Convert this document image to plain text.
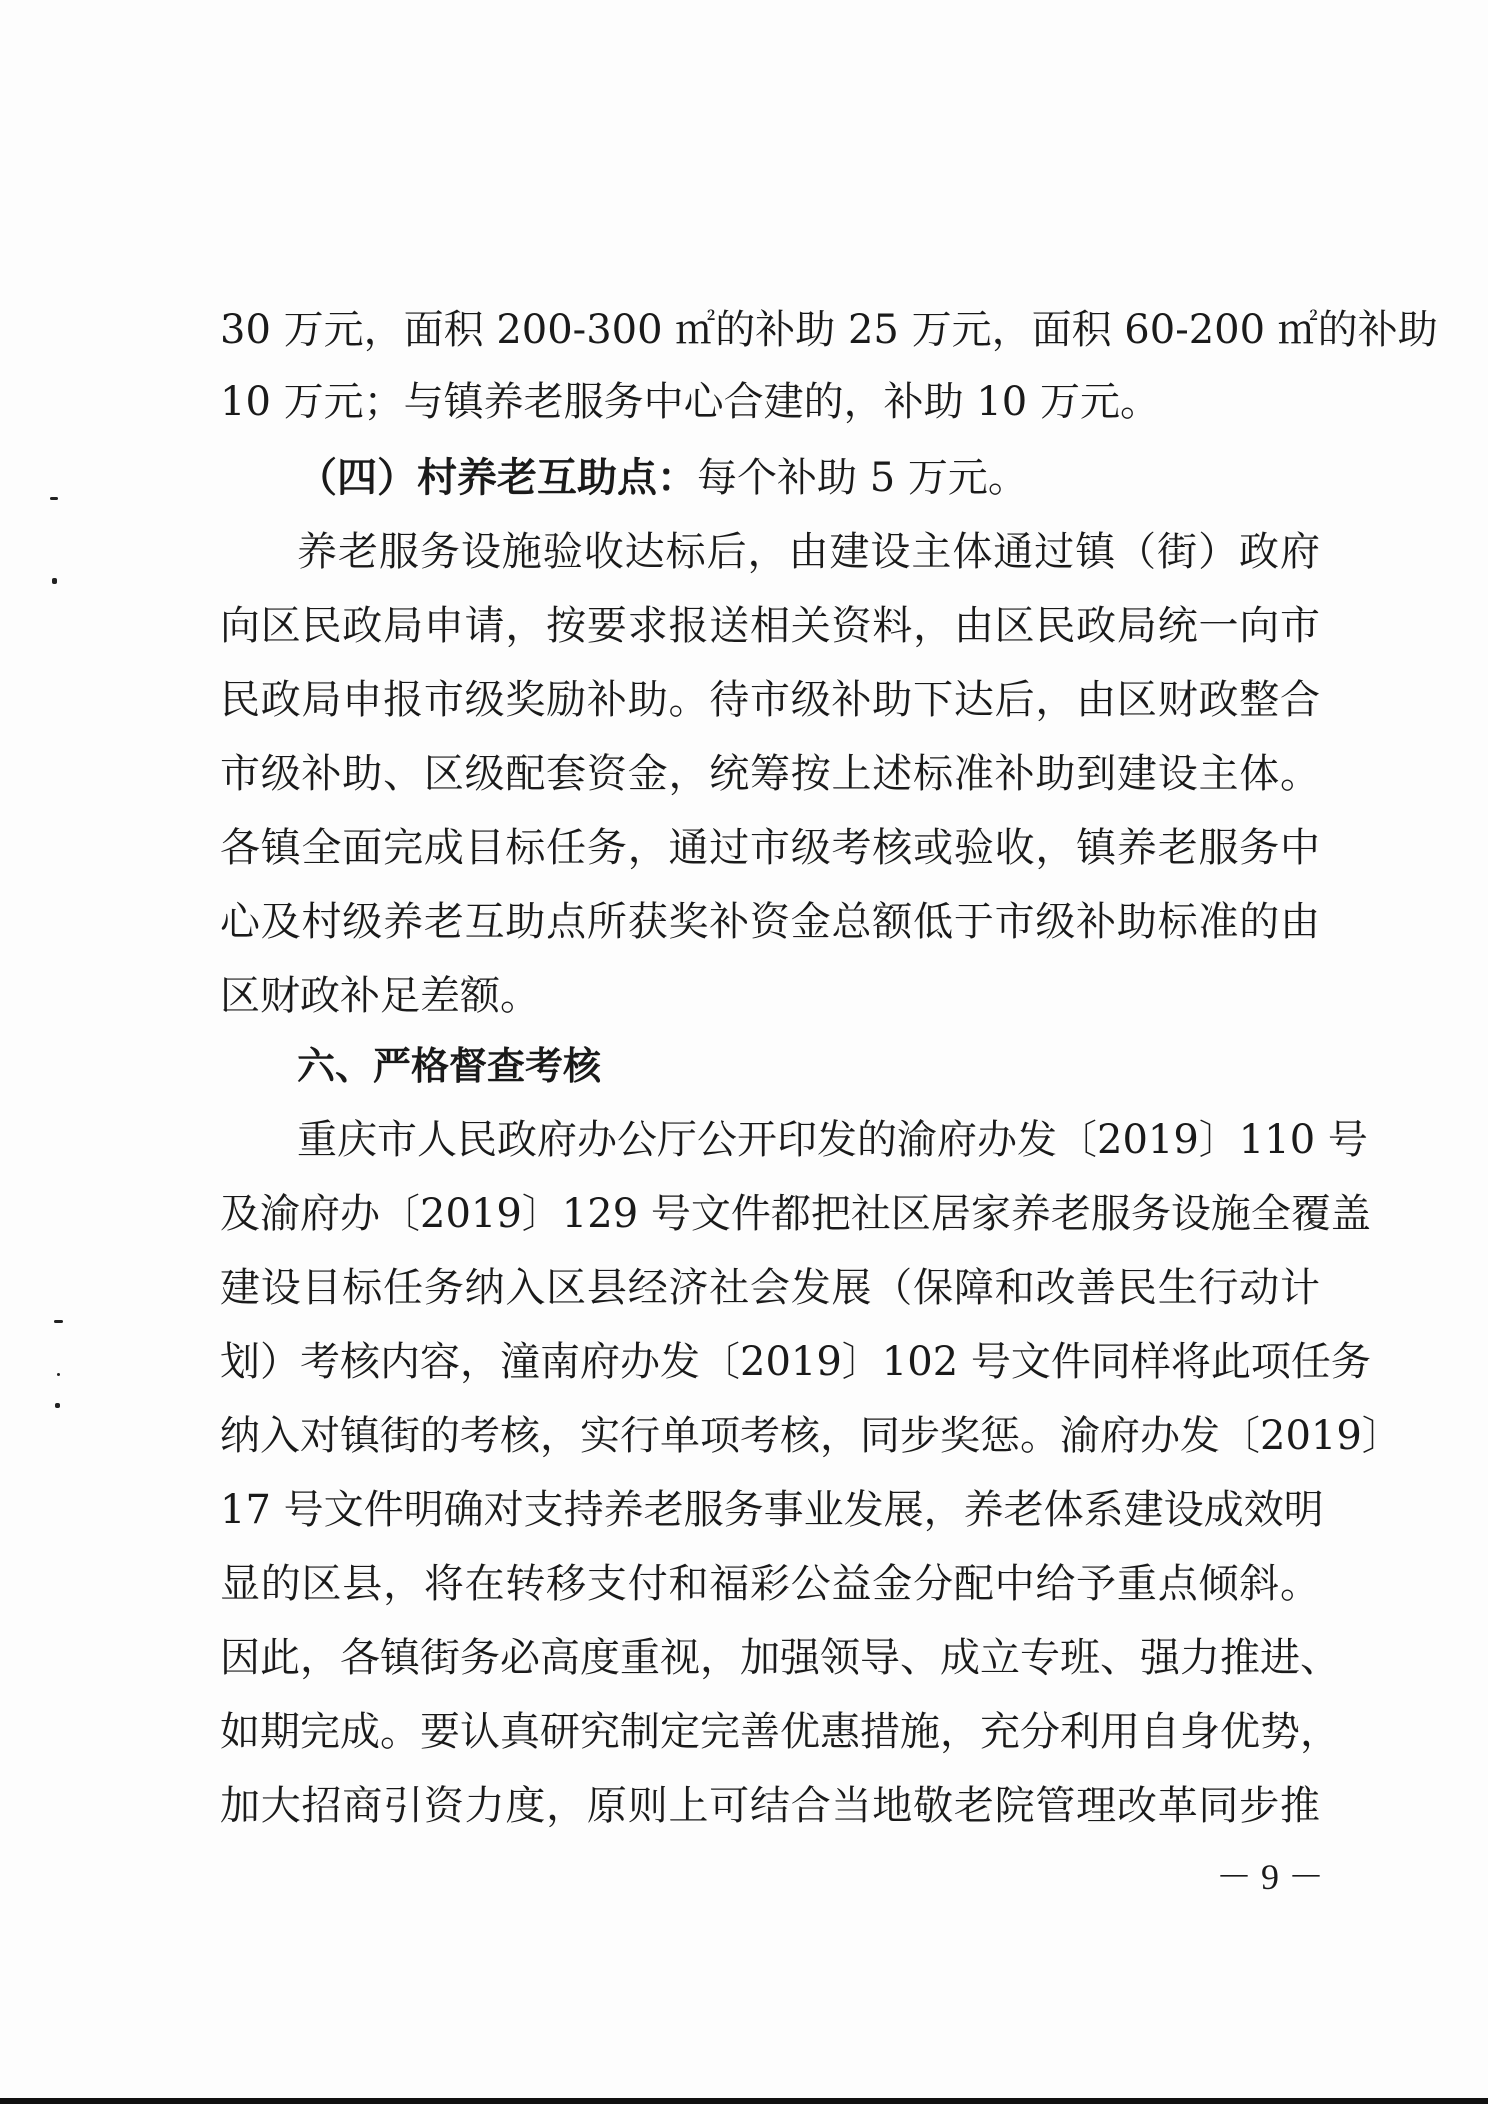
30 万元，面积 200-300 ㎡的补助 25 万元，面积 60-200 ㎡的补助
10 万元；与镇养老服务中心合建的，补助 10 万元。
（四）村养老互助点：每个补助 5 万元。
养老服务设施验收达标后，由建设主体通过镇（街）政府
向区民政局申请，按要求报送相关资料，由区民政局统一向市
民政局申报市级奖励补助。待市级补助下达后，由区财政整合
市级补助、区级配套资金，统筹按上述标准补助到建设主体。
各镇全面完成目标任务，通过市级考核或验收，镇养老服务中
心及村级养老互助点所获奖补资金总额低于市级补助标准的由
区财政补足差额。
六、严格督查考核
重庆市人民政府办公厅公开印发的渝府办发〔2019〕110 号
及渝府办〔2019〕129 号文件都把社区居家养老服务设施全覆盖
建设目标任务纳入区县经济社会发展（保障和改善民生行动计
划）考核内容，潼南府办发〔2019〕102 号文件同样将此项任务
纳入对镇街的考核，实行单项考核，同步奖惩。渝府办发〔2019〕
17 号文件明确对支持养老服务事业发展，养老体系建设成效明
显的区县，将在转移支付和福彩公益金分配中给予重点倾斜。
因此，各镇街务必高度重视，加强领导、成立专班、强力推进、
如期完成。要认真研究制定完善优惠措施，充分利用自身优势，
加大招商引资力度，原则上可结合当地敬老院管理改革同步推
－ 9 －
